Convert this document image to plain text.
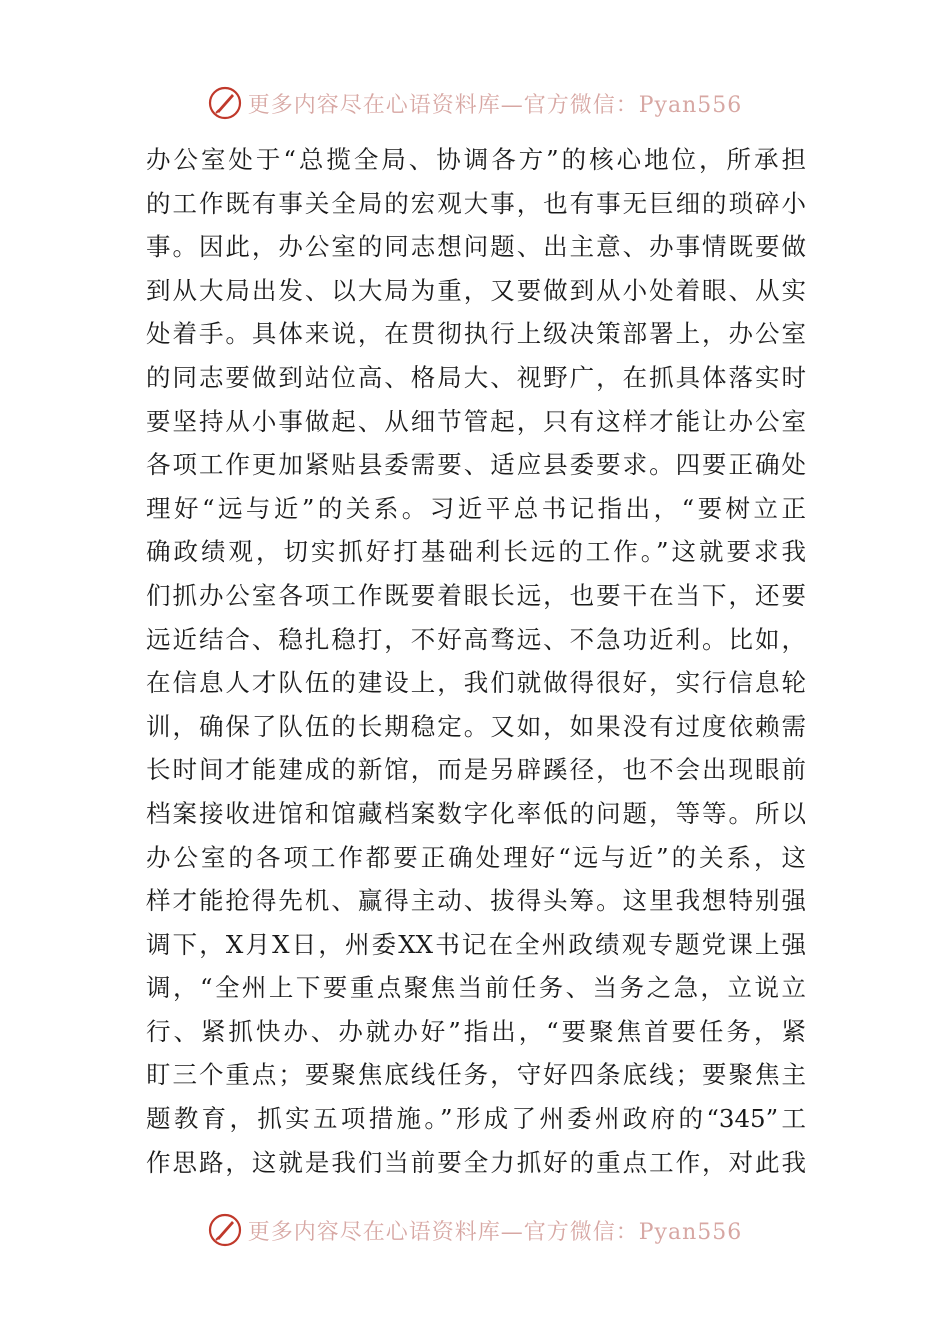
更多内容尽在心语资料库—官方微信：Pyan556
办公室处于“总揽全局、协调各方”的核心地位，所承担
的工作既有事关全局的宏观大事，也有事无巨细的琐碎小
事。因此，办公室的同志想问题、出主意、办事情既要做
到从大局出发、以大局为重，又要做到从小处着眼、从实
处着手。具体来说，在贯彻执行上级决策部署上，办公室
的同志要做到站位高、格局大、视野广，在抓具体落实时
要坚持从小事做起、从细节管起，只有这样才能让办公室
各项工作更加紧贴县委需要、适应县委要求。四要正确处
理好“远与近”的关系。习近平总书记指出，“要树立正
确政绩观，切实抓好打基础利长远的工作。”这就要求我
们抓办公室各项工作既要着眼长远，也要干在当下，还要
远近结合、稳扎稳打，不好高骛远、不急功近利。比如，
在信息人才队伍的建设上，我们就做得很好，实行信息轮
训，确保了队伍的长期稳定。又如，如果没有过度依赖需
长时间才能建成的新馆，而是另辟蹊径，也不会出现眼前
档案接收进馆和馆藏档案数字化率低的问题，等等。所以
办公室的各项工作都要正确处理好“远与近”的关系，这
样才能抢得先机、赢得主动、拔得头筹。这里我想特别强
调下，X月X日，州委XX书记在全州政绩观专题党课上强
调，“全州上下要重点聚焦当前任务、当务之急，立说立
行、紧抓快办、办就办好”指出，“要聚焦首要任务，紧
盯三个重点；要聚焦底线任务，守好四条底线；要聚焦主
题教育，抓实五项措施。”形成了州委州政府的“345”工
作思路，这就是我们当前要全力抓好的重点工作，对此我
更多内容尽在心语资料库—官方微信：Pyan556
